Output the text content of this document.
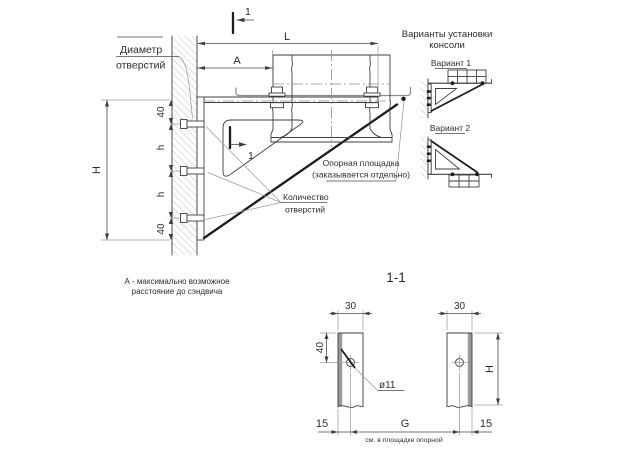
L
А
H
40
h
h
40
1
1
Диаметр
отверстий
Количество
отверстий
Опорная площадка
(заказывается отдельно)
А - максимально возможное
расстояние до сэндвича
Варианты установки
консоли
Вариант 1
Вариант 2
1-1
30	30
40
ø11
H
15	G	15
см. в площадке опорной
